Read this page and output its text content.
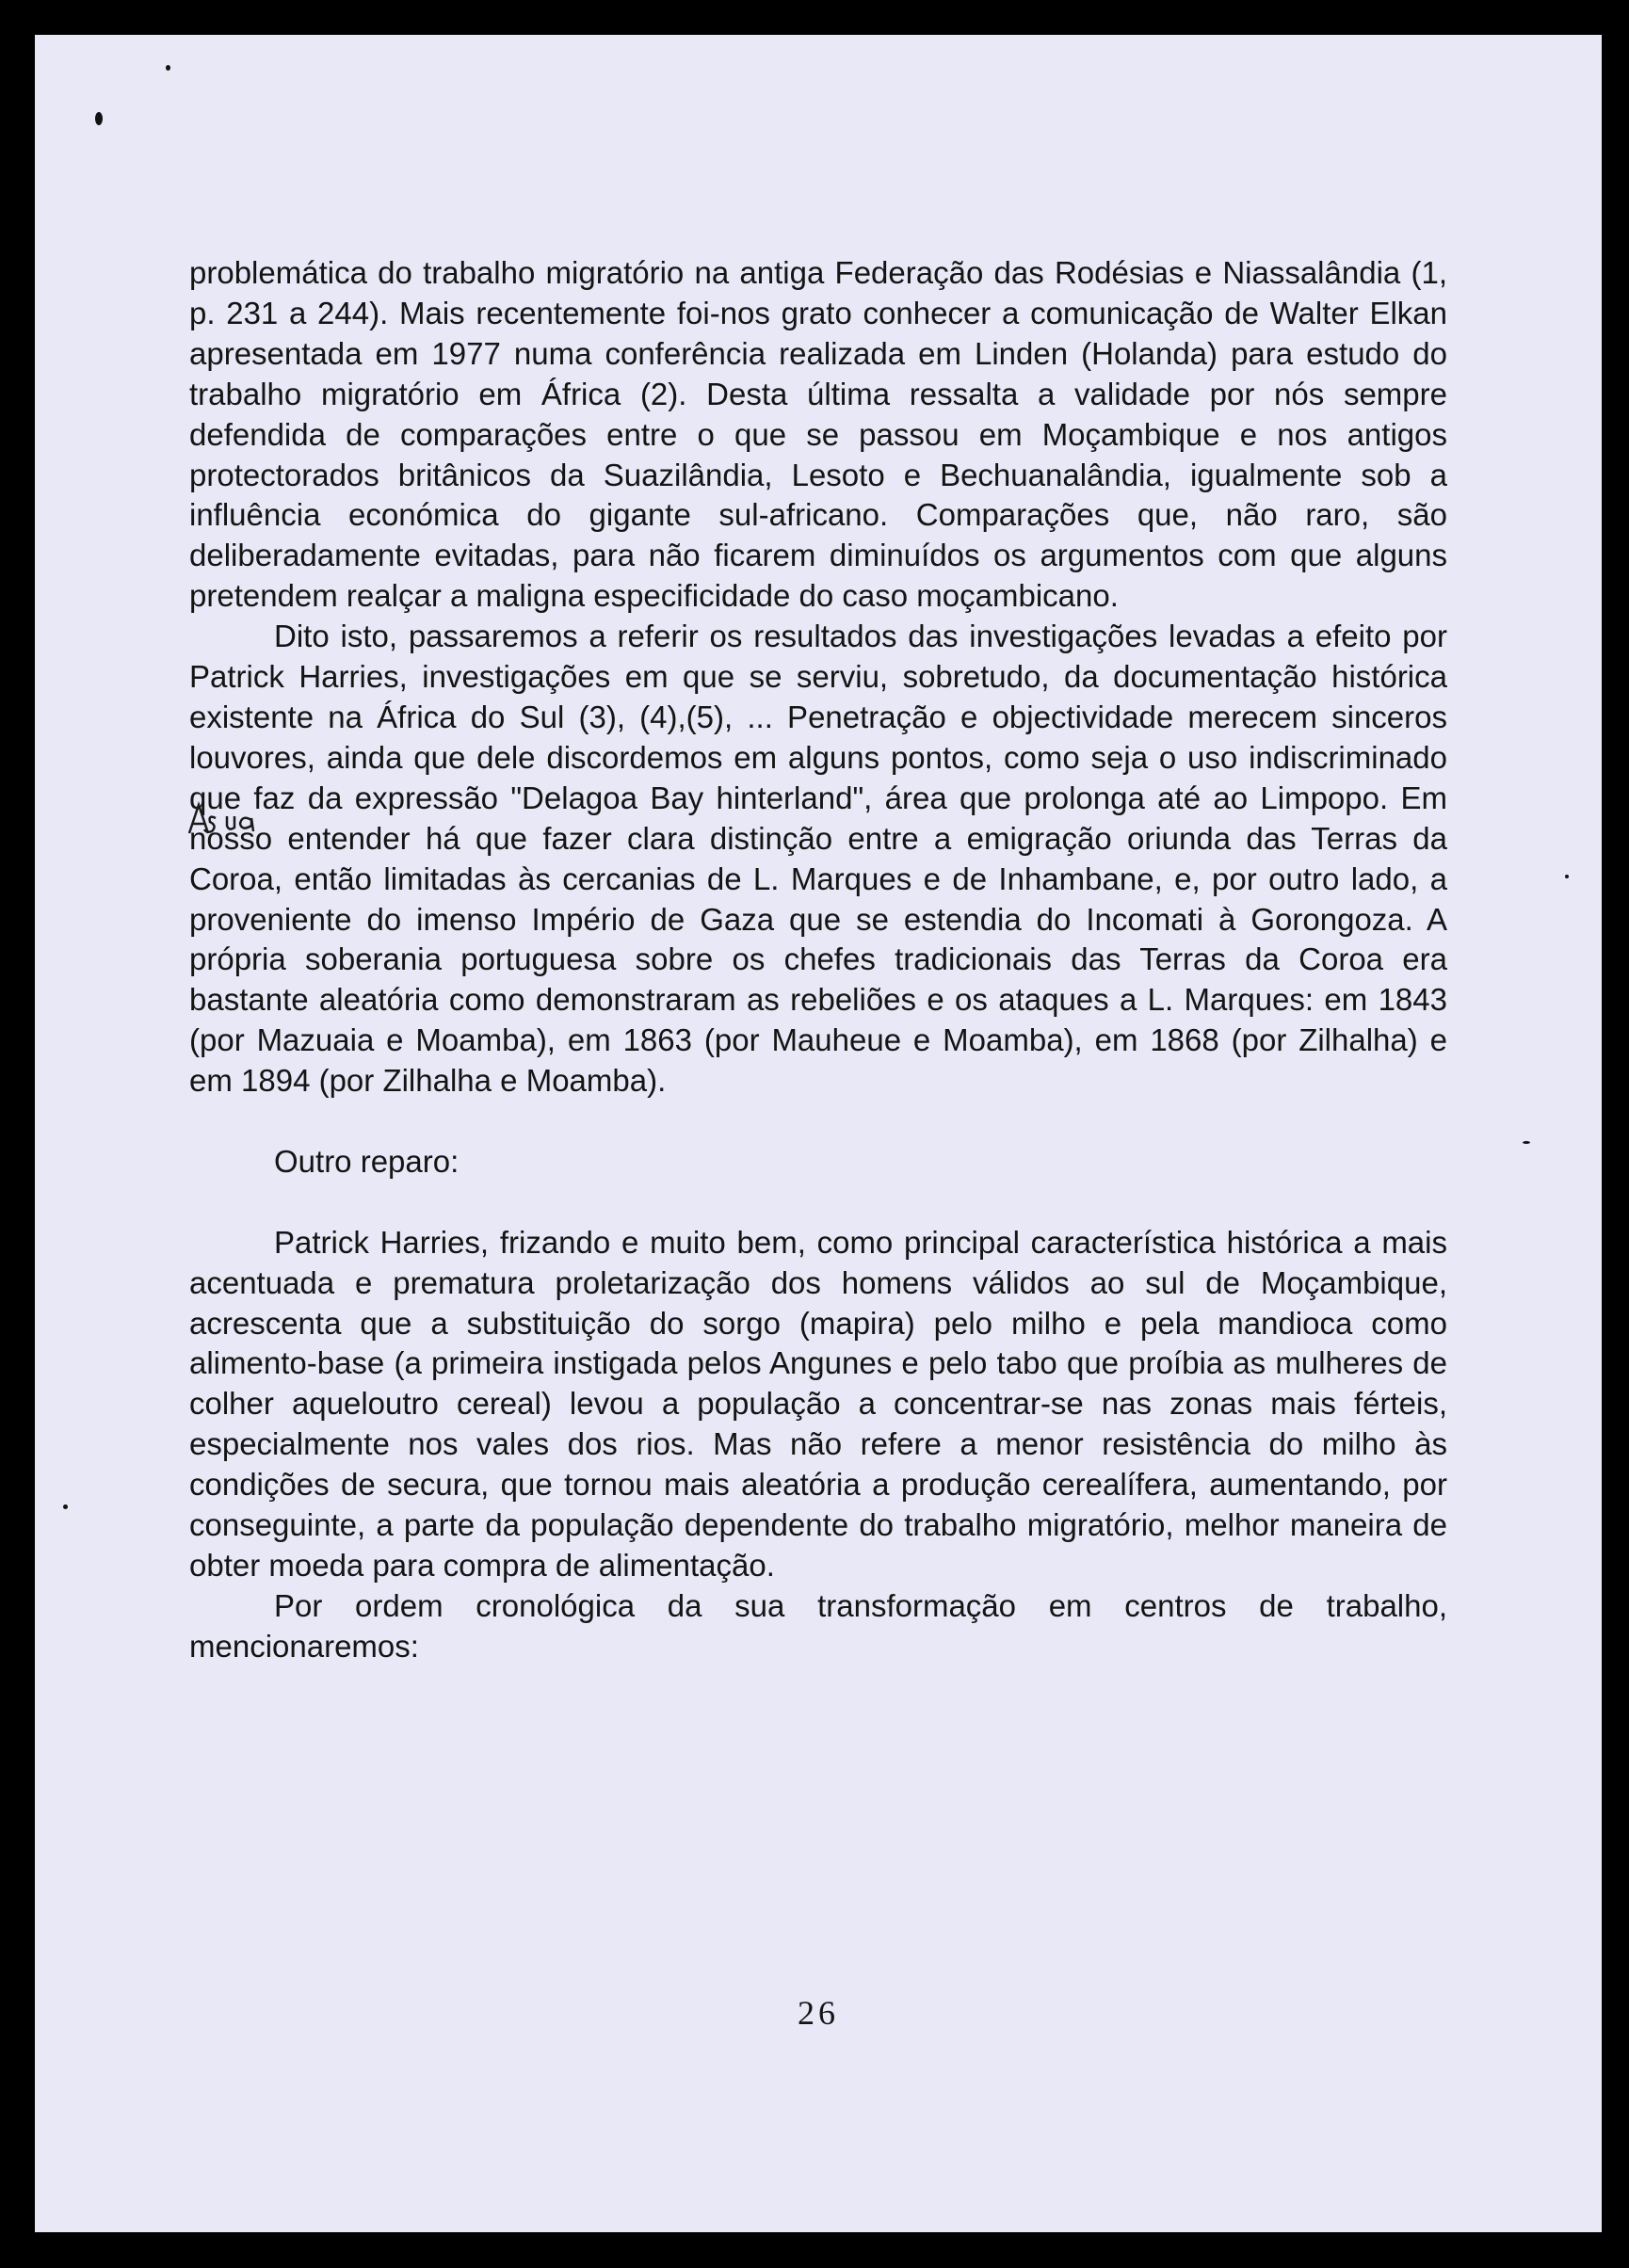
problemática do trabalho migratório na antiga Federação das Rodésias e Niassalândia (1, p. 231 a 244). Mais recentemente foi-nos grato conhecer a comunicação de Walter Elkan apresentada em 1977 numa conferência realizada em Linden (Holanda) para estudo do trabalho migratório em África (2). Desta última ressalta a validade por nós sempre defendida de comparações entre o que se passou em Moçambique e nos antigos protectorados britânicos da Suazilândia, Lesoto e Bechuanalândia, igualmente sob a influência económica do gigante sul-africano. Comparações que, não raro, são deliberadamente evitadas, para não ficarem diminuídos os argumentos com que alguns pretendem realçar a maligna especificidade do caso moçambicano.

Dito isto, passaremos a referir os resultados das investigações levadas a efeito por Patrick Harries, investigações em que se serviu, sobretudo, da documentação histórica existente na África do Sul (3), (4),(5), ... Penetração e objectividade merecem sinceros louvores, ainda que dele discordemos em alguns pontos, como seja o uso indiscriminado que faz da expressão "Delagoa Bay hinterland", área que prolonga até ao Limpopo. Em nosso entender há que fazer clara distinção entre a emigração oriunda das Terras da Coroa, então limitadas às cercanias de L. Marques e de Inhambane, e, por outro lado, a proveniente do imenso Império de Gaza que se estendia do Incomati à Gorongoza. A própria soberania portuguesa sobre os chefes tradicionais das Terras da Coroa era bastante aleatória como demonstraram as rebeliões e os ataques a L. Marques: em 1843 (por Mazuaia e Moamba), em 1863 (por Mauheue e Moamba), em 1868 (por Zilhalha) e em 1894 (por Zilhalha e Moamba).

Outro reparo:

Patrick Harries, frizando e muito bem, como principal característica histórica a mais acentuada e prematura proletarização dos homens válidos ao sul de Moçambique, acrescenta que a substituição do sorgo (mapira) pelo milho e pela mandioca como alimento-base (a primeira instigada pelos Angunes e pelo tabo que proíbia as mulheres de colher aqueloutro cereal) levou a população a concentrar-se nas zonas mais férteis, especialmente nos vales dos rios. Mas não refere a menor resistência do milho às condições de secura, que tornou mais aleatória a produção cerealífera, aumentando, por conseguinte, a parte da população dependente do trabalho migratório, melhor maneira de obter moeda para compra de alimentação.

Por ordem cronológica da sua transformação em centros de trabalho, mencionaremos:

26
